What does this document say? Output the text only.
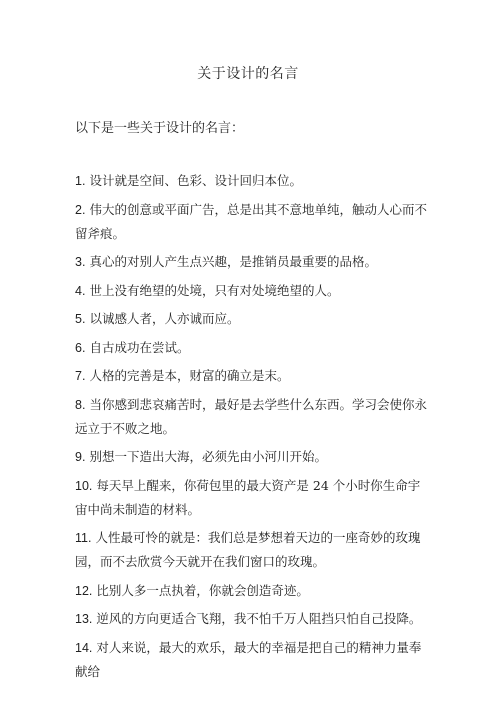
关于设计的名言
以下是一些关于设计的名言：
1. 设计就是空间、色彩、设计回归本位。
2. 伟大的创意或平面广告，总是出其不意地单纯，触动人心而不留斧痕。
3. 真心的对别人产生点兴趣，是推销员最重要的品格。
4. 世上没有绝望的处境，只有对处境绝望的人。
5. 以诚感人者，人亦诚而应。
6. 自古成功在尝试。
7. 人格的完善是本，财富的确立是末。
8. 当你感到悲哀痛苦时，最好是去学些什么东西。学习会使你永远立于不败之地。
9. 别想一下造出大海，必须先由小河川开始。
10. 每天早上醒来，你荷包里的最大资产是 24 个小时你生命宇宙中尚未制造的材料。
11. 人性最可怜的就是：我们总是梦想着天边的一座奇妙的玫瑰园，而不去欣赏今天就开在我们窗口的玫瑰。
12. 比别人多一点执着，你就会创造奇迹。
13. 逆风的方向更适合飞翔，我不怕千万人阻挡只怕自己投降。
14. 对人来说，最大的欢乐，最大的幸福是把自己的精神力量奉献给
